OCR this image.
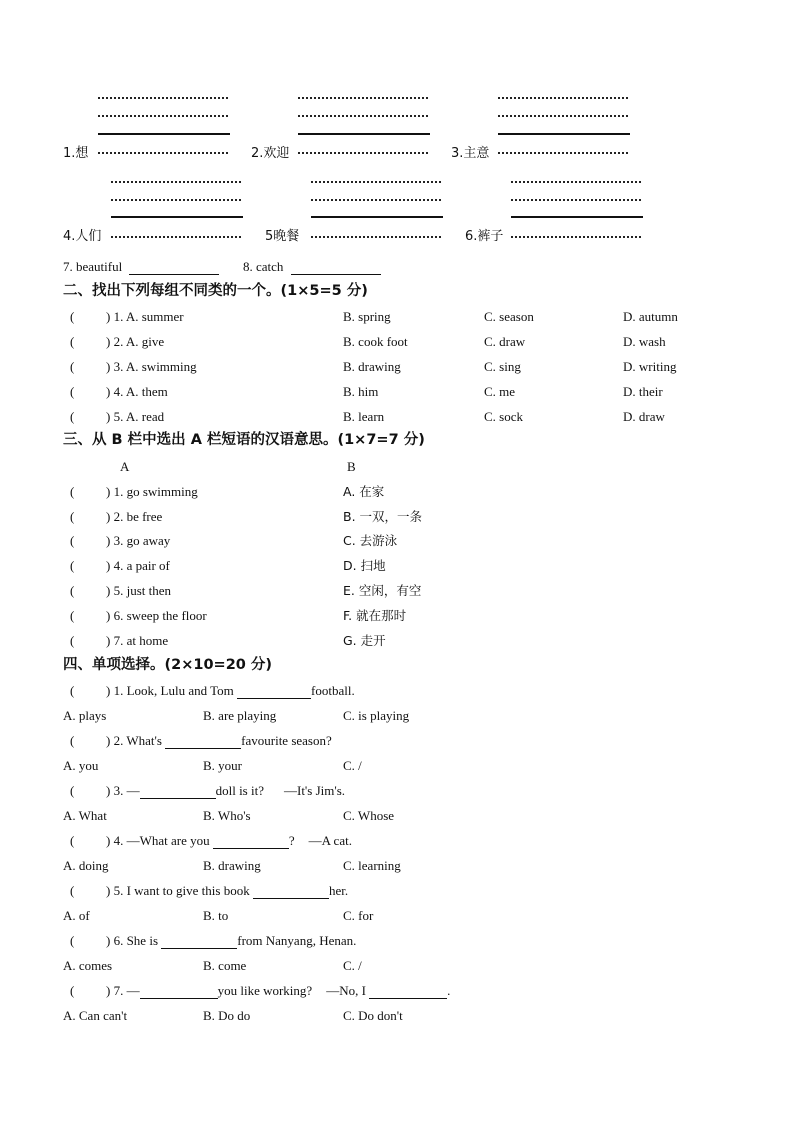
1.想	2.欢迎	3.主意
4.人们	5晚餐	6.裤子
7. beautiful	8. catch
二、找出下列每组不同类的一个。(1×5=5 分)
( ) 1. A. summer	B. spring	C. season	D. autumn
( ) 2. A. give	B. cook foot	C. draw	D. wash
( ) 3. A. swimming	B. drawing	C. sing	D. writing
( ) 4. A. them	B. him	C. me	D. their
( ) 5. A. read	B. learn	C. sock	D. draw
三、从 B 栏中选出 A 栏短语的汉语意思。(1×7=7 分)
A	B
( ) 1. go swimming	A. 在家
( ) 2. be free	B. 一双，一条
( ) 3. go away	C. 去游泳
( ) 4. a pair of	D. 扫地
( ) 5. just then	E. 空闲，有空
( ) 6. sweep the floor	F. 就在那时
( ) 7. at home	G. 走开
四、单项选择。(2×10=20 分)
( ) 1. Look, Lulu and Tom	football.
A. plays	B. are playing	C. is playing
( ) 2. What's	favourite season?
A. you	B. your	C. /
( ) 3. —	doll is it? —It's Jim's.
A. What	B. Who's	C. Whose
( ) 4. —What are you	? —A cat.
A. doing	B. drawing	C. learning
( ) 5. I want to give this book	her.
A. of	B. to	C. for
( ) 6. She is	from Nanyang, Henan.
A. comes	B. come	C. /
( ) 7. —	you like working? —No, I	.
A. Can can't	B. Do do	C. Do don't
